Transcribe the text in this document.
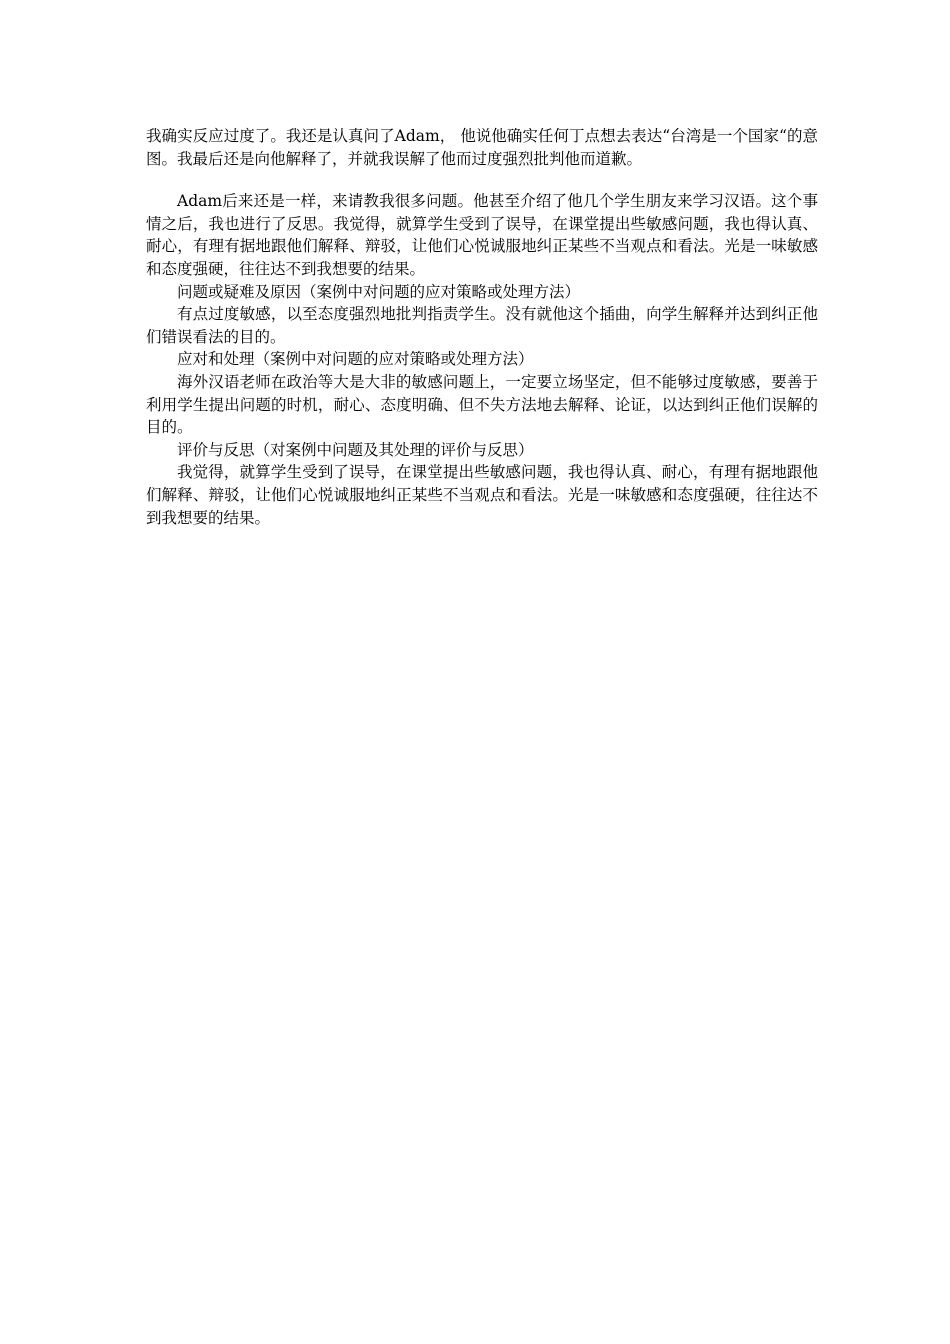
我确实反应过度了。我还是认真问了Adam， 他说他确实任何丁点想去表达“台湾是一个国家“的意图。我最后还是向他解释了，并就我误解了他而过度强烈批判他而道歉。

Adam后来还是一样，来请教我很多问题。他甚至介绍了他几个学生朋友来学习汉语。这个事情之后，我也进行了反思。我觉得，就算学生受到了误导，在课堂提出些敏感问题，我也得认真、耐心，有理有据地跟他们解释、辩驳，让他们心悦诚服地纠正某些不当观点和看法。光是一味敏感和态度强硬，往往达不到我想要的结果。

问题或疑难及原因（案例中对问题的应对策略或处理方法）

有点过度敏感，以至态度强烈地批判指责学生。没有就他这个插曲，向学生解释并达到纠正他们错误看法的目的。

应对和处理（案例中对问题的应对策略或处理方法）

海外汉语老师在政治等大是大非的敏感问题上，一定要立场坚定，但不能够过度敏感，要善于利用学生提出问题的时机，耐心、态度明确、但不失方法地去解释、论证，以达到纠正他们误解的目的。

评价与反思（对案例中问题及其处理的评价与反思）

我觉得，就算学生受到了误导，在课堂提出些敏感问题，我也得认真、耐心，有理有据地跟他们解释、辩驳，让他们心悦诚服地纠正某些不当观点和看法。光是一味敏感和态度强硬，往往达不到我想要的结果。
